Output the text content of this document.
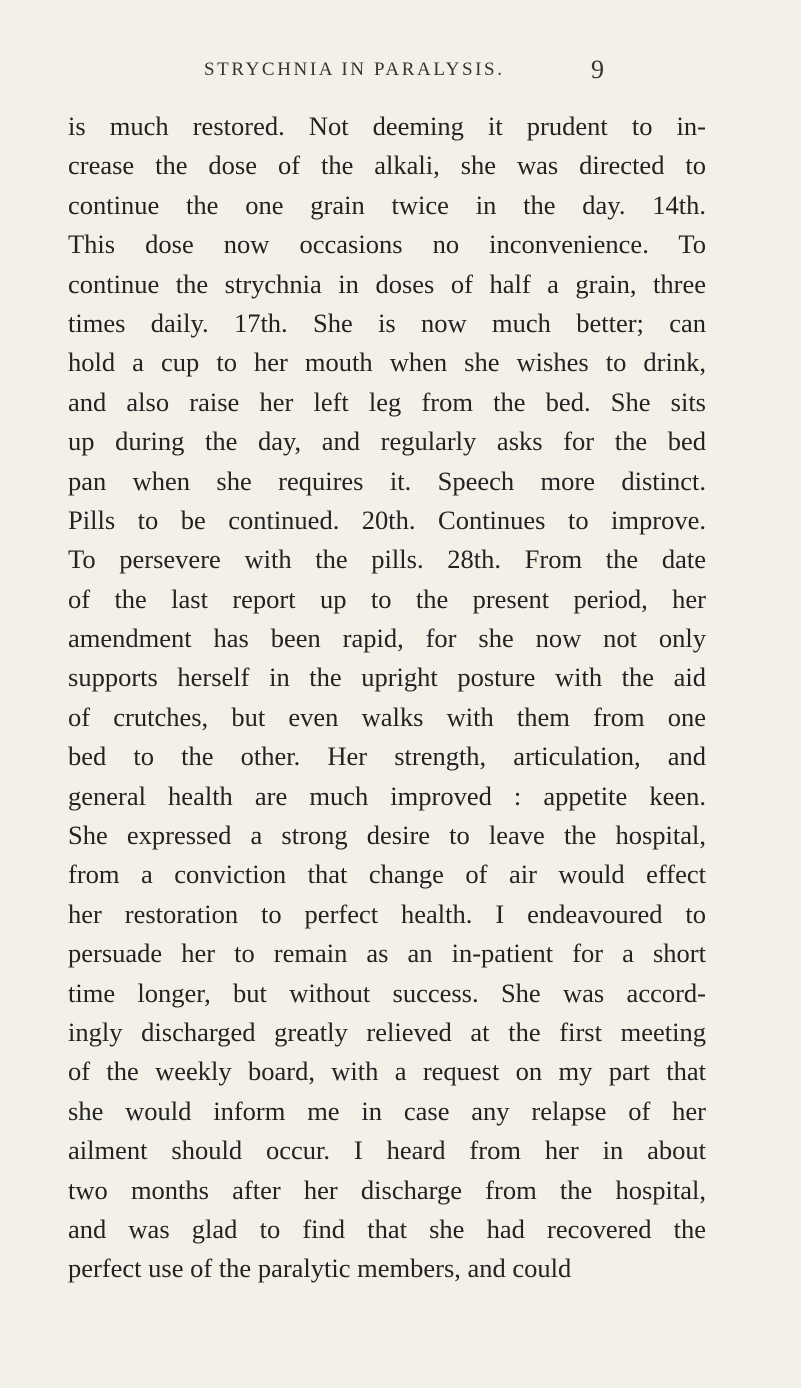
STRYCHNIA IN PARALYSIS.	9
is much restored. Not deeming it prudent to in-
crease the dose of the alkali, she was directed to
continue the one grain twice in the day. 14th.
This dose now occasions no inconvenience. To
continue the strychnia in doses of half a grain, three
times daily. 17th. She is now much better; can
hold a cup to her mouth when she wishes to drink,
and also raise her left leg from the bed. She sits
up during the day, and regularly asks for the bed
pan when she requires it. Speech more distinct.
Pills to be continued. 20th. Continues to improve.
To persevere with the pills. 28th. From the date
of the last report up to the present period, her
amendment has been rapid, for she now not only
supports herself in the upright posture with the aid
of crutches, but even walks with them from one
bed to the other. Her strength, articulation, and
general health are much improved : appetite keen.
She expressed a strong desire to leave the hospital,
from a conviction that change of air would effect
her restoration to perfect health. I endeavoured to
persuade her to remain as an in-patient for a short
time longer, but without success. She was accord-
ingly discharged greatly relieved at the first meeting
of the weekly board, with a request on my part that
she would inform me in case any relapse of her
ailment should occur. I heard from her in about
two months after her discharge from the hospital,
and was glad to find that she had recovered the
perfect use of the paralytic members, and could
